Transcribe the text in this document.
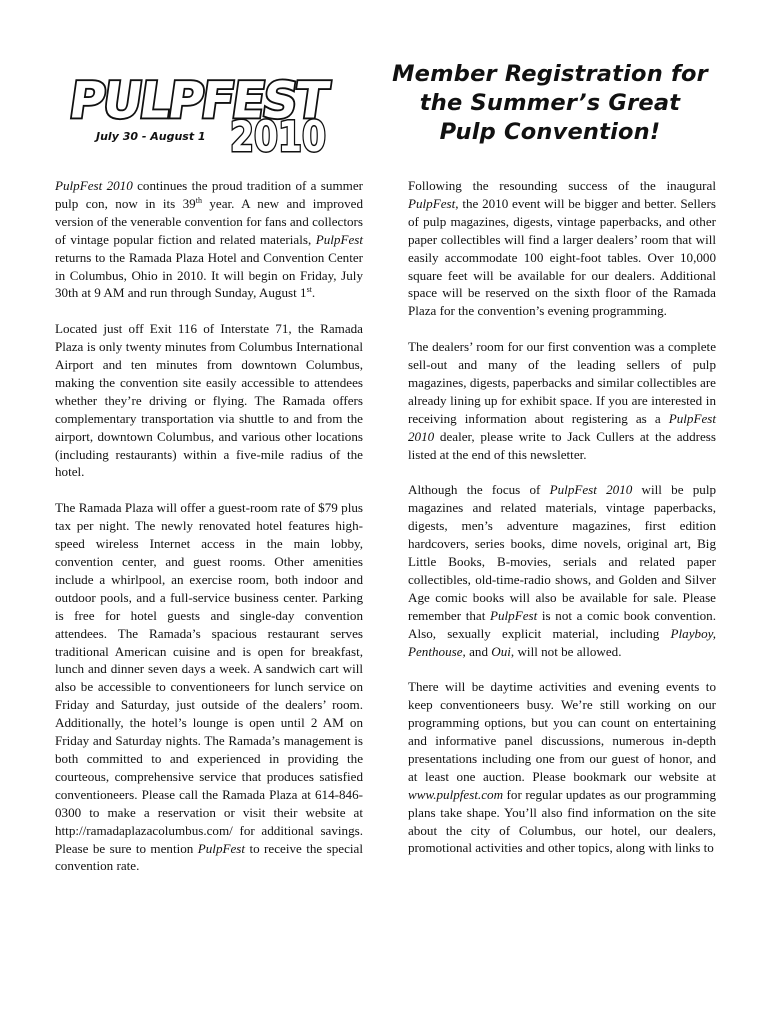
PULPFEST
July 30 - August 1 2010
Member Registration for
the Summer’s Great
Pulp Convention!

PulpFest 2010 continues the proud tradition of a summer pulp con, now in its 39th year. A new and improved version of the venerable convention for fans and collectors of vintage popular fiction and related materials, PulpFest returns to the Ramada Plaza Hotel and Convention Center in Columbus, Ohio in 2010. It will begin on Friday, July 30th at 9 AM and run through Sunday, August 1st.

Located just off Exit 116 of Interstate 71, the Ramada Plaza is only twenty minutes from Columbus International Airport and ten minutes from downtown Columbus, making the convention site easily accessible to attendees whether they’re driving or flying. The Ramada offers complementary transportation via shuttle to and from the airport, downtown Columbus, and various other locations (including restaurants) within a five-mile radius of the hotel.

The Ramada Plaza will offer a guest-room rate of $79 plus tax per night. The newly renovated hotel features high-speed wireless Internet access in the main lobby, convention center, and guest rooms. Other amenities include a whirlpool, an exercise room, both indoor and outdoor pools, and a full-service business center. Parking is free for hotel guests and single-day convention attendees. The Ramada’s spacious restaurant serves traditional American cuisine and is open for breakfast, lunch and dinner seven days a week. A sandwich cart will also be accessible to conventioneers for lunch service on Friday and Saturday, just outside of the dealers’ room. Additionally, the hotel’s lounge is open until 2 AM on Friday and Saturday nights. The Ramada’s management is both committed to and experienced in providing the courteous, comprehensive service that produces satisfied conventioneers. Please call the Ramada Plaza at 614-846-0300 to make a reservation or visit their website at http://ramadaplazacolumbus.com/ for additional savings. Please be sure to mention PulpFest to receive the special convention rate.

Following the resounding success of the inaugural PulpFest, the 2010 event will be bigger and better. Sellers of pulp magazines, digests, vintage paperbacks, and other paper collectibles will find a larger dealers’ room that will easily accommodate 100 eight-foot tables. Over 10,000 square feet will be available for our dealers. Additional space will be reserved on the sixth floor of the Ramada Plaza for the convention’s evening programming.

The dealers’ room for our first convention was a complete sell-out and many of the leading sellers of pulp magazines, digests, paperbacks and similar collectibles are already lining up for exhibit space. If you are interested in receiving information about registering as a PulpFest 2010 dealer, please write to Jack Cullers at the address listed at the end of this newsletter.

Although the focus of PulpFest 2010 will be pulp magazines and related materials, vintage paperbacks, digests, men’s adventure magazines, first edition hardcovers, series books, dime novels, original art, Big Little Books, B-movies, serials and related paper collectibles, old-time-radio shows, and Golden and Silver Age comic books will also be available for sale. Please remember that PulpFest is not a comic book convention. Also, sexually explicit material, including Playboy, Penthouse, and Oui, will not be allowed.

There will be daytime activities and evening events to keep conventioneers busy. We’re still working on our programming options, but you can count on entertaining and informative panel discussions, numerous in-depth presentations including one from our guest of honor, and at least one auction. Please bookmark our website at www.pulpfest.com for regular updates as our programming plans take shape. You’ll also find information on the site about the city of Columbus, our hotel, our dealers, promotional activities and other topics, along with links to
